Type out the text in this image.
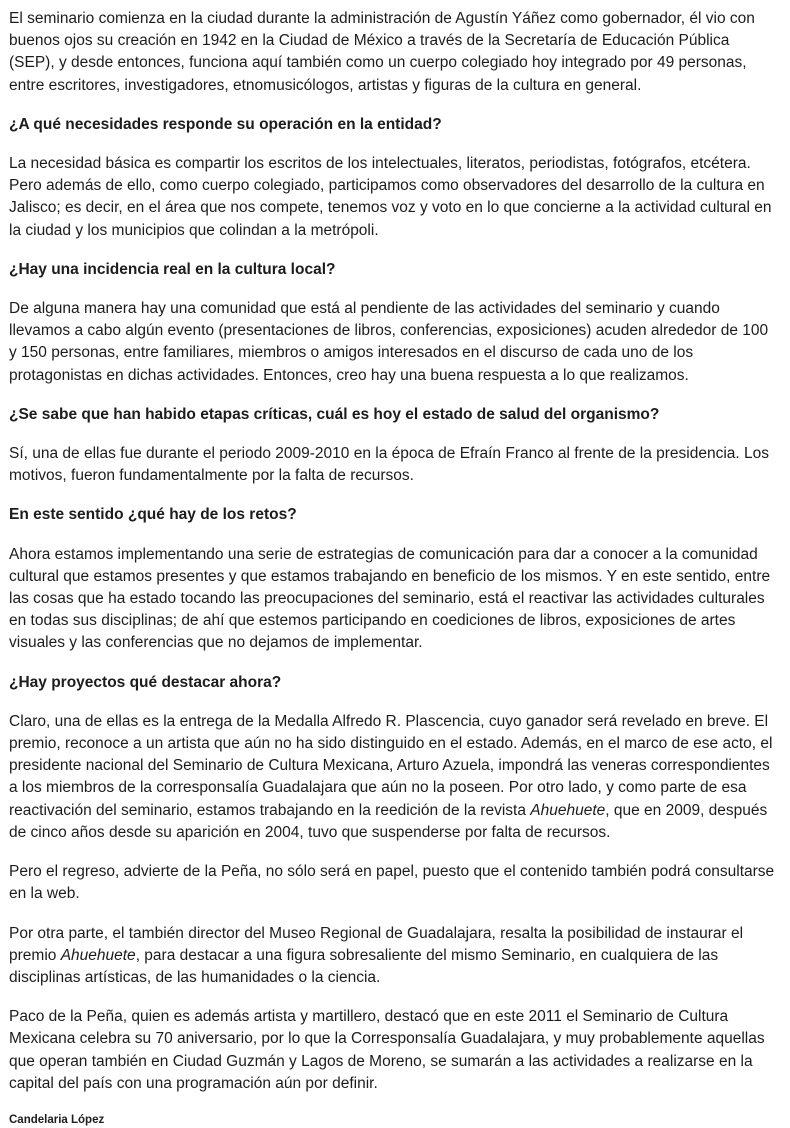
El seminario comienza en la ciudad durante la administración de Agustín Yáñez como gobernador, él vio con buenos ojos su creación en 1942 en la Ciudad de México a través de la Secretaría de Educación Pública (SEP), y desde entonces, funciona aquí también como un cuerpo colegiado hoy integrado por 49 personas, entre escritores, investigadores, etnomusicólogos, artistas y figuras de la cultura en general.

¿A qué necesidades responde su operación en la entidad?

La necesidad básica es compartir los escritos de los intelectuales, literatos, periodistas, fotógrafos, etcétera. Pero además de ello, como cuerpo colegiado, participamos como observadores del desarrollo de la cultura en Jalisco; es decir, en el área que nos compete, tenemos voz y voto en lo que concierne a la actividad cultural en la ciudad y los municipios que colindan a la metrópoli.

¿Hay una incidencia real en la cultura local?

De alguna manera hay una comunidad que está al pendiente de las actividades del seminario y cuando llevamos a cabo algún evento (presentaciones de libros, conferencias, exposiciones) acuden alrededor de 100 y 150 personas, entre familiares, miembros o amigos interesados en el discurso de cada uno de los protagonistas en dichas actividades. Entonces, creo hay una buena respuesta a lo que realizamos.

¿Se sabe que han habido etapas críticas, cuál es hoy el estado de salud del organismo?

Sí, una de ellas fue durante el periodo 2009-2010 en la época de Efraín Franco al frente de la presidencia. Los motivos, fueron fundamentalmente por la falta de recursos.

En este sentido ¿qué hay de los retos?

Ahora estamos implementando una serie de estrategias de comunicación para dar a conocer a la comunidad cultural que estamos presentes y que estamos trabajando en beneficio de los mismos. Y en este sentido, entre las cosas que ha estado tocando las preocupaciones del seminario, está el reactivar las actividades culturales en todas sus disciplinas; de ahí que estemos participando en coediciones de libros, exposiciones de artes visuales y las conferencias que no dejamos de implementar.

¿Hay proyectos qué destacar ahora?

Claro, una de ellas es la entrega de la Medalla Alfredo R. Plascencia, cuyo ganador será revelado en breve. El premio, reconoce a un artista que aún no ha sido distinguido en el estado. Además, en el marco de ese acto, el presidente nacional del Seminario de Cultura Mexicana, Arturo Azuela, impondrá las veneras correspondientes a los miembros de la corresponsalía Guadalajara que aún no la poseen. Por otro lado, y como parte de esa reactivación del seminario, estamos trabajando en la reedición de la revista Ahuehuete, que en 2009, después de cinco años desde su aparición en 2004, tuvo que suspenderse por falta de recursos.

Pero el regreso, advierte de la Peña, no sólo será en papel, puesto que el contenido también podrá consultarse en la web.

Por otra parte, el también director del Museo Regional de Guadalajara, resalta la posibilidad de instaurar el premio Ahuehuete, para destacar a una figura sobresaliente del mismo Seminario, en cualquiera de las disciplinas artísticas, de las humanidades o la ciencia.

Paco de la Peña, quien es además artista y martillero, destacó que en este 2011 el Seminario de Cultura Mexicana celebra su 70 aniversario, por lo que la Corresponsalía Guadalajara, y muy probablemente aquellas que operan también en Ciudad Guzmán y Lagos de Moreno, se sumarán a las actividades a realizarse en la capital del país con una programación aún por definir.

Candelaria López
